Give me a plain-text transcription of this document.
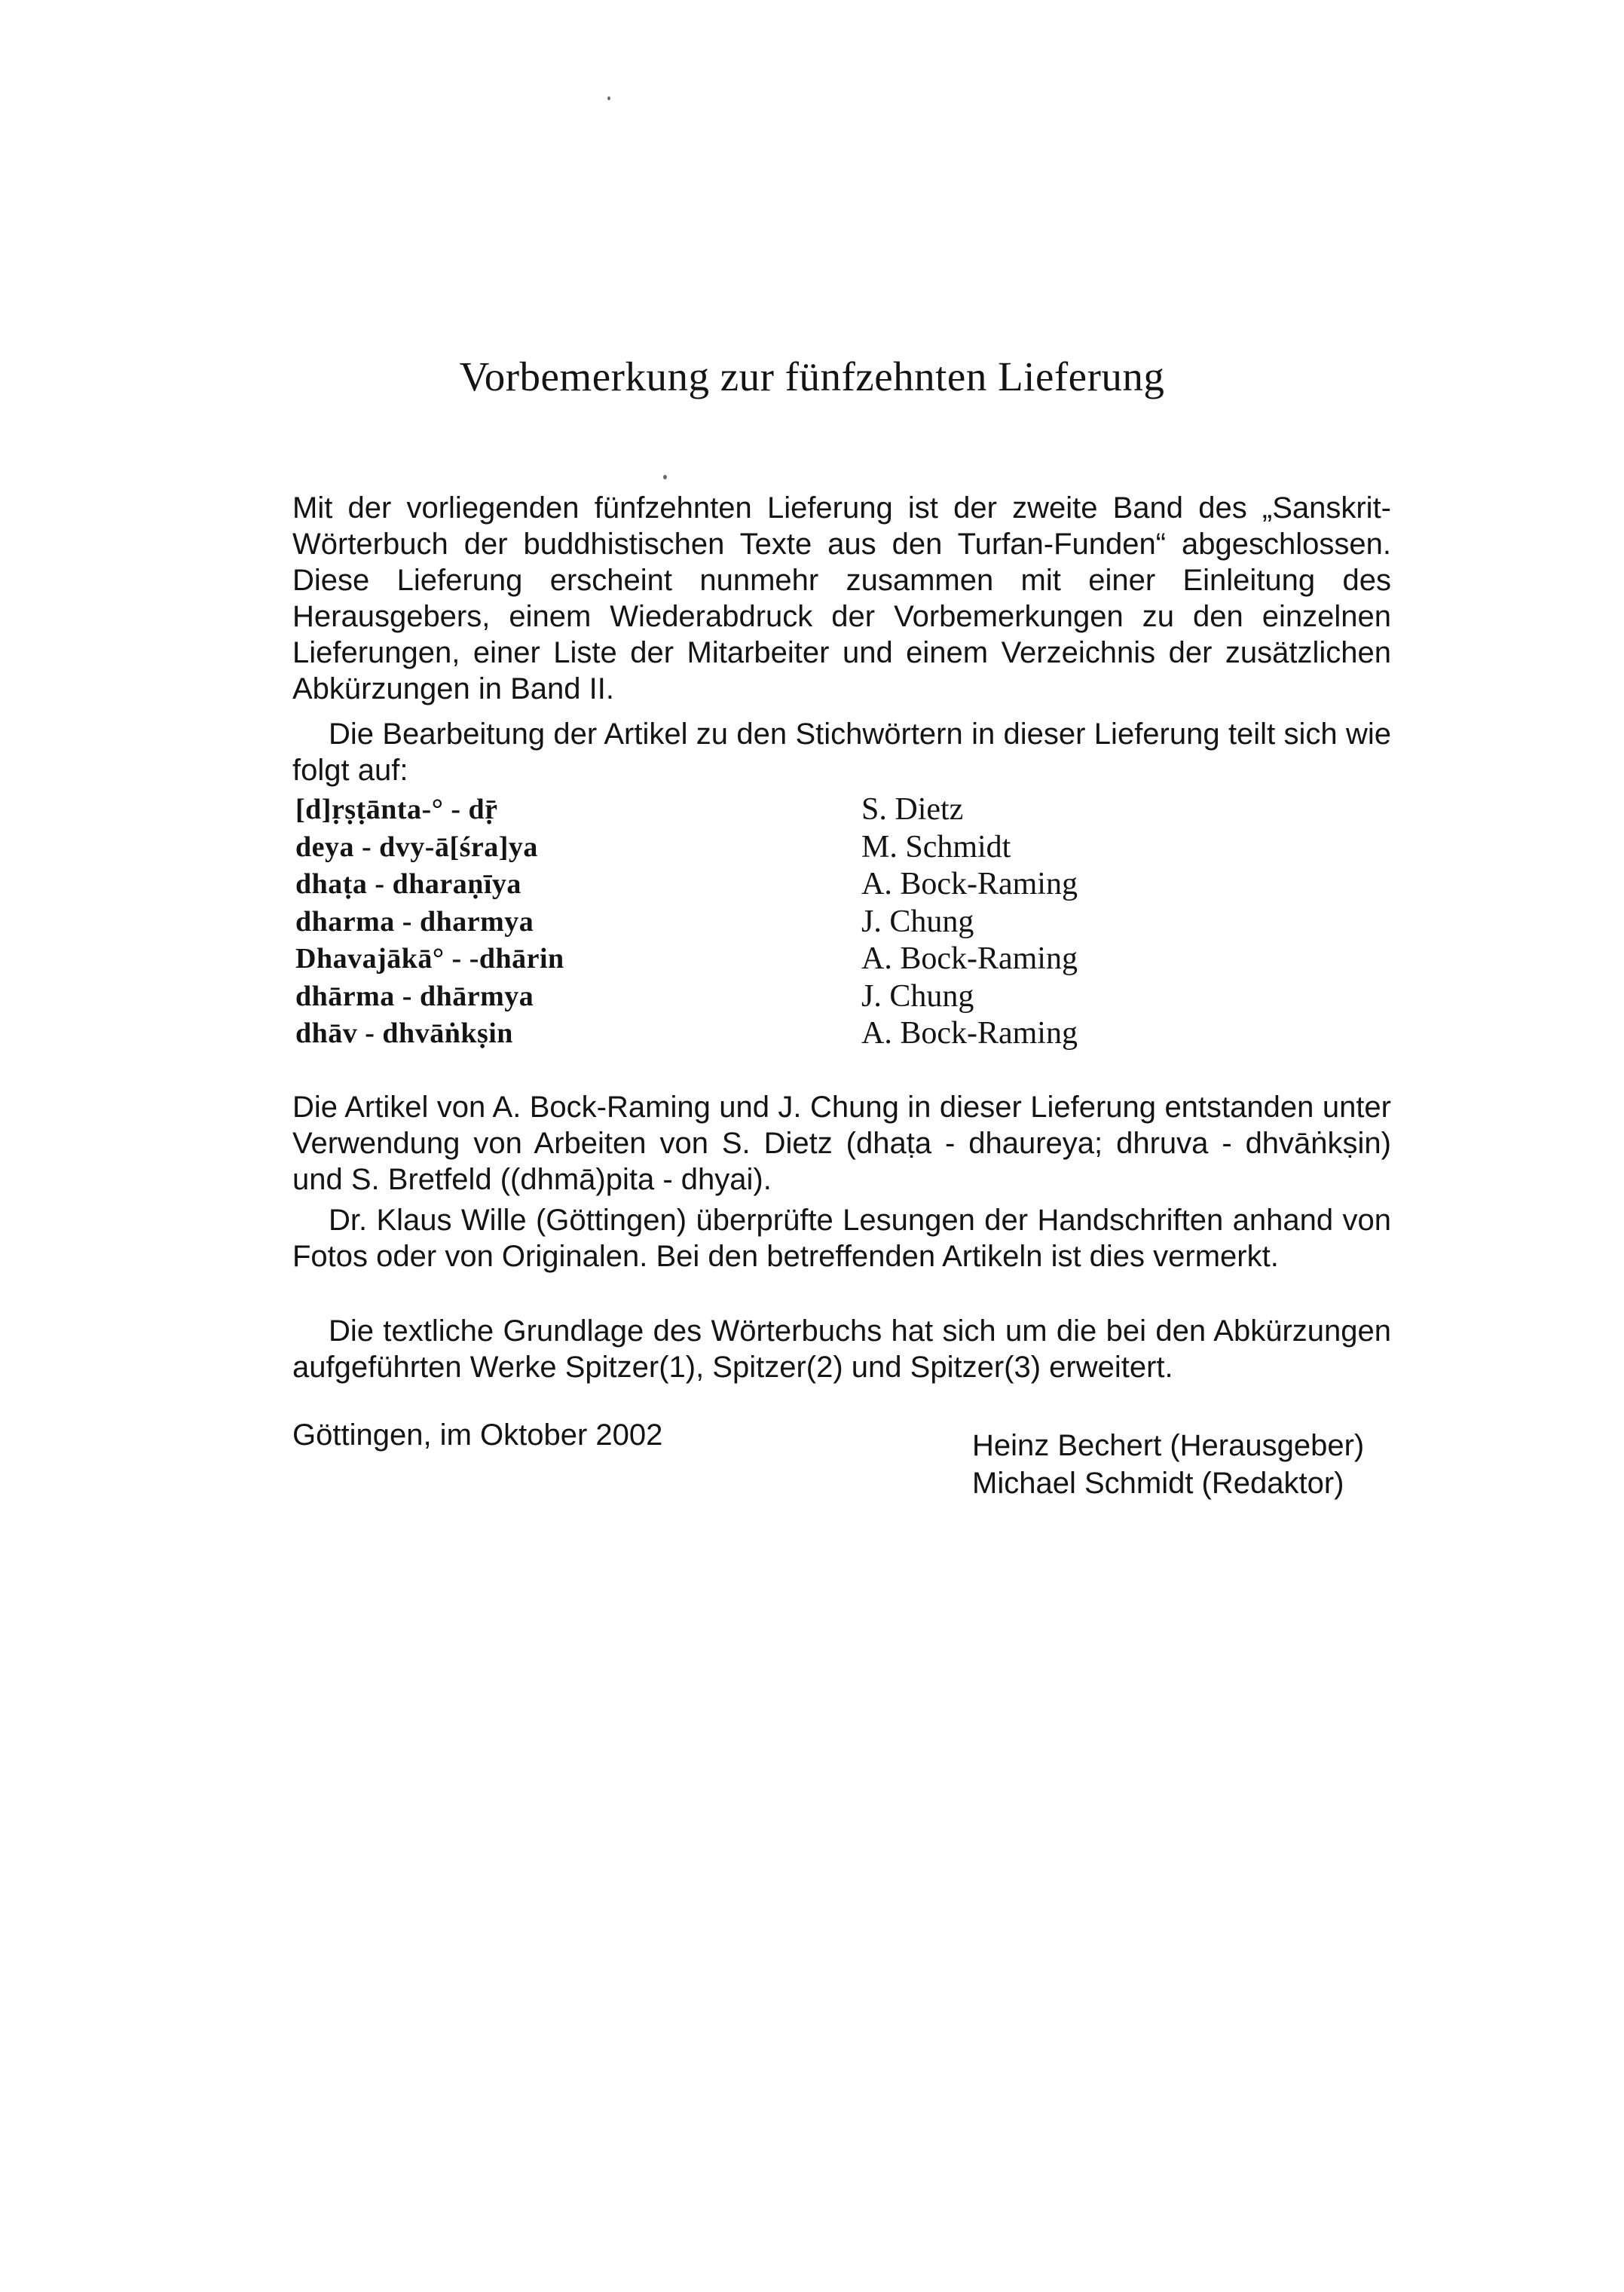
Vorbemerkung zur fünfzehnten Lieferung

Mit der vorliegenden fünfzehnten Lieferung ist der zweite Band des „Sanskrit-Wörterbuch der buddhistischen Texte aus den Turfan-Funden“ abgeschlossen. Diese Lieferung erscheint nunmehr zusammen mit einer Einleitung des Herausgebers, einem Wiederabdruck der Vorbemerkungen zu den einzelnen Lieferungen, einer Liste der Mitarbeiter und einem Verzeichnis der zusätzlichen Abkürzungen in Band II.

Die Bearbeitung der Artikel zu den Stichwörtern in dieser Lieferung teilt sich wie folgt auf:

[d]ṛṣṭānta-° - dṝ	S. Dietz
deya - dvy-ā[śra]ya	M. Schmidt
dhaṭa - dharaṇīya	A. Bock-Raming
dharma - dharmya	J. Chung
Dhavajākā° - -dhārin	A. Bock-Raming
dhārma - dhārmya	J. Chung
dhāv - dhvāṅkṣin	A. Bock-Raming

Die Artikel von A. Bock-Raming und J. Chung in dieser Lieferung entstanden unter Verwendung von Arbeiten von S. Dietz (dhaṭa - dhaureya; dhruva - dhvāṅkṣin) und S. Bretfeld ((dhmā)pita - dhyai).

Dr. Klaus Wille (Göttingen) überprüfte Lesungen der Handschriften anhand von Fotos oder von Originalen. Bei den betreffenden Artikeln ist dies vermerkt.

Die textliche Grundlage des Wörterbuchs hat sich um die bei den Abkürzungen aufgeführten Werke Spitzer(1), Spitzer(2) und Spitzer(3) erweitert.

Göttingen, im Oktober 2002	Heinz Bechert (Herausgeber)
Michael Schmidt (Redaktor)
